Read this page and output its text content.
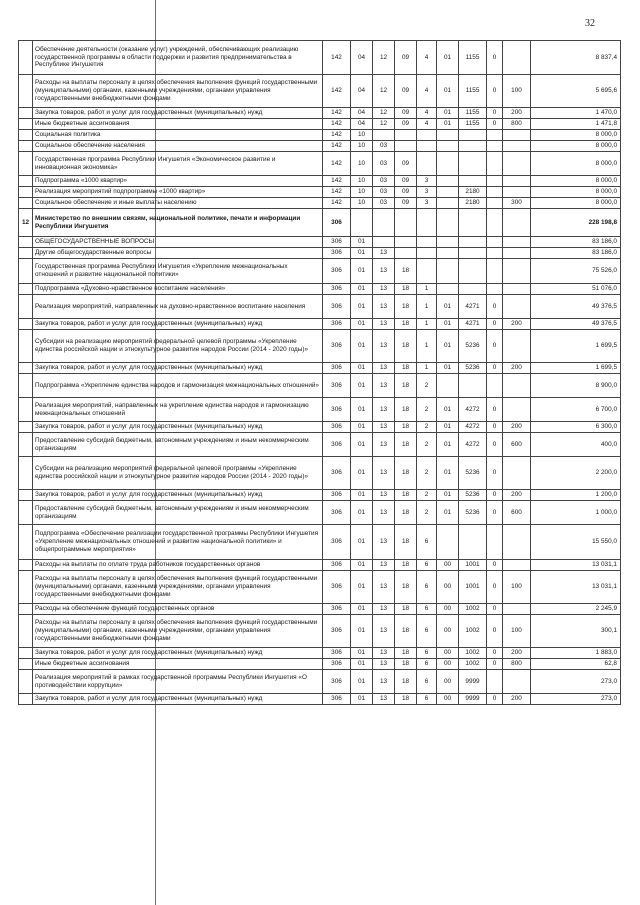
32
	Обеспечение деятельности (оказание услуг) учреждений, обеспечивающих реализацию государственной программы в области поддержки и развития предпринимательства в Республике Ингушетия	142	04	12	09	4	01	1155	0		8 837,4
	Расходы на выплаты персоналу в целях обеспечения выполнения функций государственными (муниципальными) органами, казенными учреждениями, органами управления государственными внебюджетными фондами	142	04	12	09	4	01	1155	0	100	5 695,6
	Закупка товаров, работ и услуг для государственных (муниципальных) нужд	142	04	12	09	4	01	1155	0	200	1 470,0
	Иные бюджетные ассигнования	142	04	12	09	4	01	1155	0	800	1 471,8
	Социальная политика	142	10								8 000,0
	Социальное обеспечение населения	142	10	03							8 000,0
	Государственная программа Республики Ингушетия «Экономическое развитие и инновационная экономика»	142	10	03	09						8 000,0
	Подпрограмма «1000 квартир»	142	10	03	09	3					8 000,0
	Реализация мероприятий подпрограммы «1000 квартир»	142	10	03	09	3		2180			8 000,0
	Социальное обеспечение и иные выплаты населению	142	10	03	09	3		2180		300	8 000,0
12	Министерство по внешним связям, национальной политике, печати и информации Республики Ингушетия	306									228 198,8
	ОБЩЕГОСУДАРСТВЕННЫЕ ВОПРОСЫ	306	01								83 186,0
	Другие общегосударственные вопросы	306	01	13							83 186,0
	Государственная программа Республики Ингушетия «Укрепление межнациональных отношений и развитие национальной политики»	306	01	13	18						75 526,0
	Подпрограмма «Духовно-нравственное воспитание населения»	306	01	13	18	1					51 076,0
	Реализация мероприятий, направленных на духовно-нравственное воспитание населения	306	01	13	18	1	01	4271	0		49 376,5
	Закупка товаров, работ и услуг для государственных (муниципальных) нужд	306	01	13	18	1	01	4271	0	200	49 376,5
	Субсидии на реализацию мероприятий федеральной целевой программы «Укрепление единства российской нации и этнокультурное развитие народов России (2014 - 2020 годы)»	306	01	13	18	1	01	5236	0		1 699,5
	Закупка товаров, работ и услуг для государственных (муниципальных) нужд	306	01	13	18	1	01	5236	0	200	1 699,5
	Подпрограмма «Укрепление единства народов и гармонизация межнациональных отношений»	306	01	13	18	2					8 900,0
	Реализация мероприятий, направленных на укрепление единства народов и гармонизацию межнациональных отношений	306	01	13	18	2	01	4272	0		6 700,0
	Закупка товаров, работ и услуг для государственных (муниципальных) нужд	306	01	13	18	2	01	4272	0	200	6 300,0
	Предоставление субсидий бюджетным, автономным учреждениям и иным некоммерческим организациям	306	01	13	18	2	01	4272	0	600	400,0
	Субсидии на реализацию мероприятий федеральной целевой программы «Укрепление единства российской нации и этнокультурное развитие народов России (2014 - 2020 годы)»	306	01	13	18	2	01	5236	0		2 200,0
	Закупка товаров, работ и услуг для государственных (муниципальных) нужд	306	01	13	18	2	01	5236	0	200	1 200,0
	Предоставление субсидий бюджетным, автономным учреждениям и иным некоммерческим организациям	306	01	13	18	2	01	5236	0	600	1 000,0
	Подпрограмма «Обеспечение реализации государственной программы Республики Ингушетия «Укрепление межнациональных отношений и развитие национальной политики» и общепрограммные мероприятия»	306	01	13	18	6					15 550,0
	Расходы на выплаты по оплате труда работников государственных органов	306	01	13	18	6	00	1001	0		13 031,1
	Расходы на выплаты персоналу в целях обеспечения выполнения функций государственными (муниципальными) органами, казенными учреждениями, органами управления государственными внебюджетными фондами	306	01	13	18	6	00	1001	0	100	13 031,1
	Расходы на обеспечение функций государственных органов	306	01	13	18	6	00	1002	0		2 245,9
	Расходы на выплаты персоналу в целях обеспечения выполнения функций государственными (муниципальными) органами, казенными учреждениями, органами управления государственными внебюджетными фондами	306	01	13	18	6	00	1002	0	100	300,1
	Закупка товаров, работ и услуг для государственных (муниципальных) нужд	306	01	13	18	6	00	1002	0	200	1 883,0
	Иные бюджетные ассигнования	306	01	13	18	6	00	1002	0	800	62,8
	Реализация мероприятий в рамках государственной программы Республики Ингушетия «О противодействии коррупции»	306	01	13	18	6	00	9999			273,0
	Закупка товаров, работ и услуг для государственных (муниципальных) нужд	306	01	13	18	6	00	9999	0	200	273,0
